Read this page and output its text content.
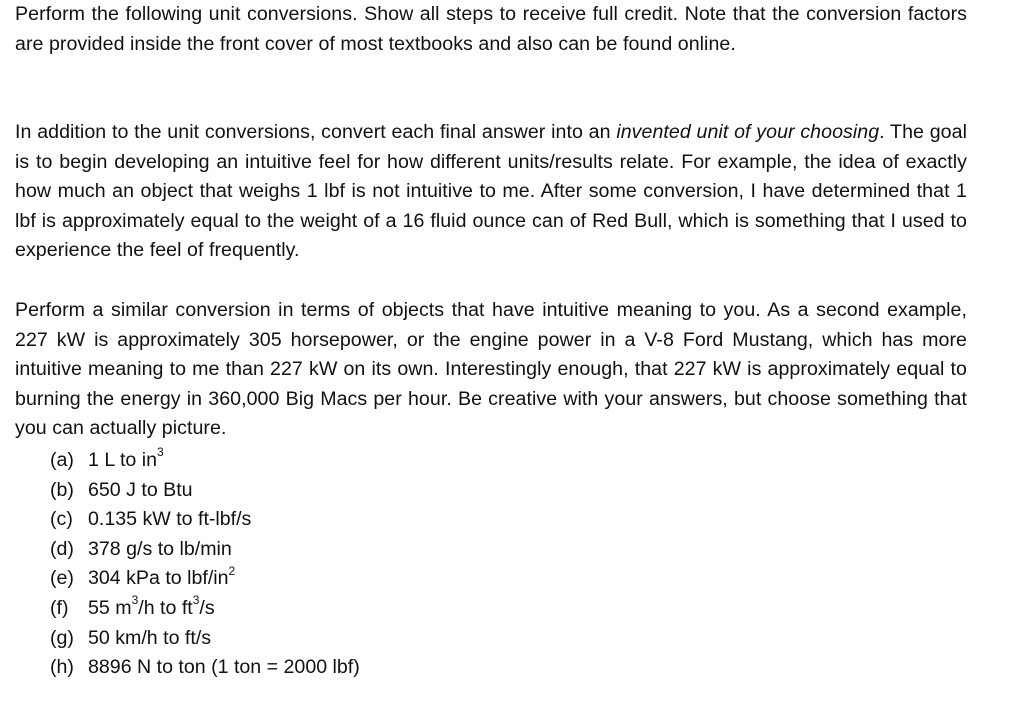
Perform the following unit conversions. Show all steps to receive full credit. Note that the conversion factors are provided inside the front cover of most textbooks and also can be found online.

In addition to the unit conversions, convert each final answer into an invented unit of your choosing. The goal is to begin developing an intuitive feel for how different units/results relate. For example, the idea of exactly how much an object that weighs 1 lbf is not intuitive to me. After some conversion, I have determined that 1 lbf is approximately equal to the weight of a 16 fluid ounce can of Red Bull, which is something that I used to experience the feel of frequently.

Perform a similar conversion in terms of objects that have intuitive meaning to you. As a second example, 227 kW is approximately 305 horsepower, or the engine power in a V-8 Ford Mustang, which has more intuitive meaning to me than 227 kW on its own. Interestingly enough, that 227 kW is approximately equal to burning the energy in 360,000 Big Macs per hour. Be creative with your answers, but choose something that you can actually picture.

(a) 1 L to $in^3$
(b) 650 J to Btu
(c) 0.135 kW to ft-lbf/s
(d) 378 g/s to lb/min
(e) 304 kPa to lbf/$in^2$
(f) 55 $m^3/h$ to $ft^3/s$
(g) 50 km/h to ft/s
(h) 8896 N to ton (1 ton = 2000 lbf)
